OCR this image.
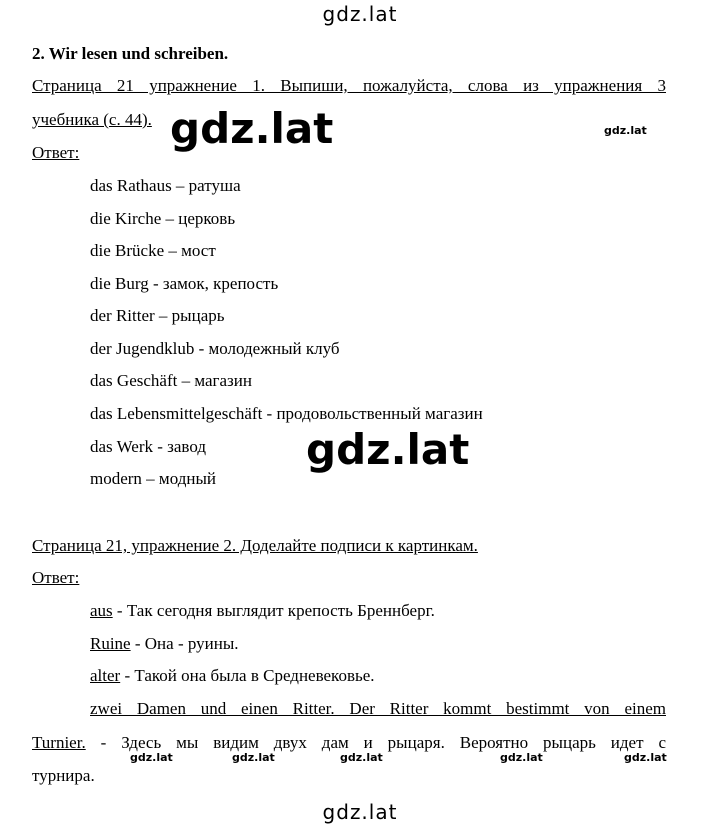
gdz.lat
gdz.lat	gdz.lat
gdz.lat
2. Wir lesen und schreiben.
Страница 21 упражнение 1. Выпиши, пожалуйста, слова из упражнения 3
учебника (с. 44).
Ответ:
das Rathaus – ратуша
die Kirche – церковь
die Brücke – мост
die Burg - замок, крепость
der Ritter – рыцарь
der Jugendklub - молодежный клуб
das Geschäft – магазин
das Lebensmittelgeschäft - продовольственный магазин
das Werk - завод
modern – модный
Страница 21, упражнение 2. Доделайте подписи к картинкам.
Ответ:
aus - Так сегодня выглядит крепость Бреннберг.
Ruine - Она - руины.
alter - Такой она была в Средневековье.
zwei Damen und einen Ritter. Der Ritter kommt bestimmt von einem
Turnier. - Здесь мы видим двух дам и рыцаря. Вероятно рыцарь идет с
турнира.
gdz.lat	gdz.lat	gdz.lat	gdz.lat	gdz.lat
gdz.lat
